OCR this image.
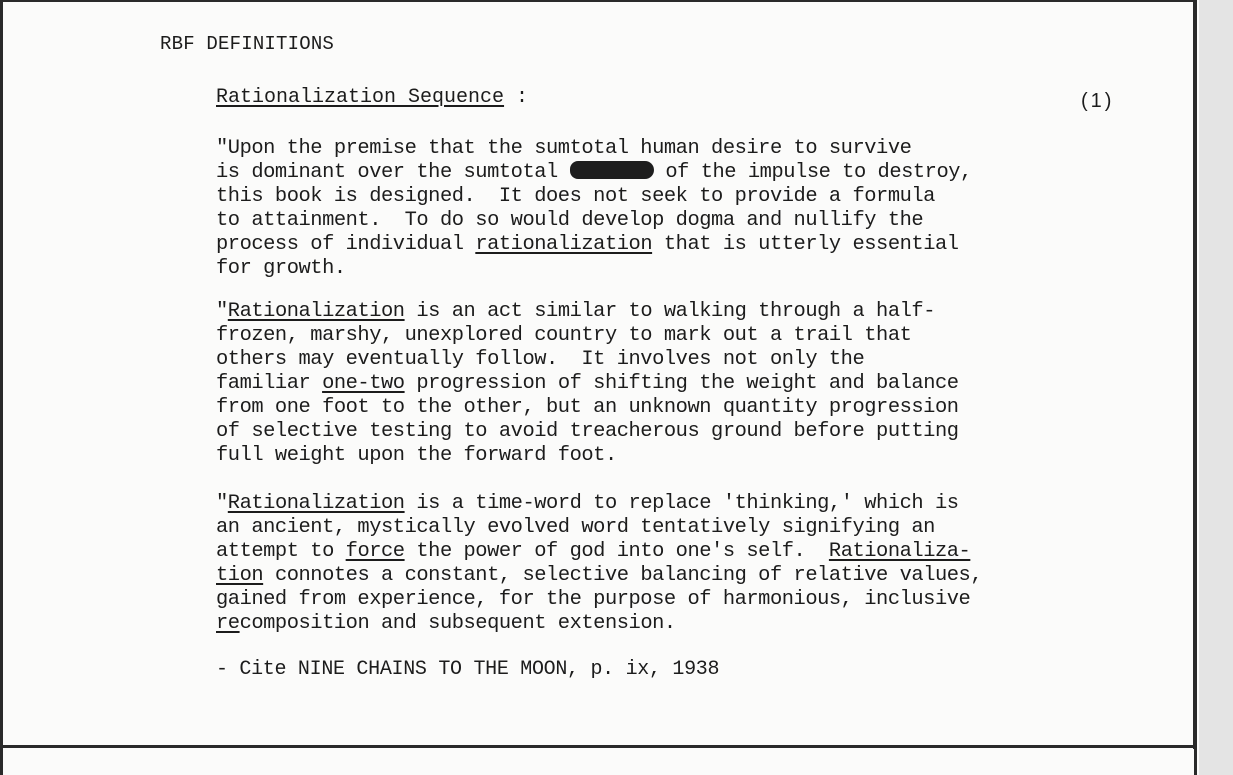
RBF DEFINITIONS
Rationalization Sequence :	(1)
"Upon the premise that the sumtotal human desire to survive
is dominant over the sumtotal	of the impulse to destroy,
this book is designed.  It does not seek to provide a formula
to attainment.  To do so would develop dogma and nullify the
process of individual rationalization that is utterly essential
for growth.
"Rationalization is an act similar to walking through a half-
frozen, marshy, unexplored country to mark out a trail that
others may eventually follow.  It involves not only the
familiar one-two progression of shifting the weight and balance
from one foot to the other, but an unknown quantity progression
of selective testing to avoid treacherous ground before putting
full weight upon the forward foot.
"Rationalization is a time-word to replace 'thinking,' which is
an ancient, mystically evolved word tentatively signifying an
attempt to force the power of god into one's self.  Rationaliza-
tion connotes a constant, selective balancing of relative values,
gained from experience, for the purpose of harmonious, inclusive
recomposition and subsequent extension.
- Cite NINE CHAINS TO THE MOON, p. ix, 1938
